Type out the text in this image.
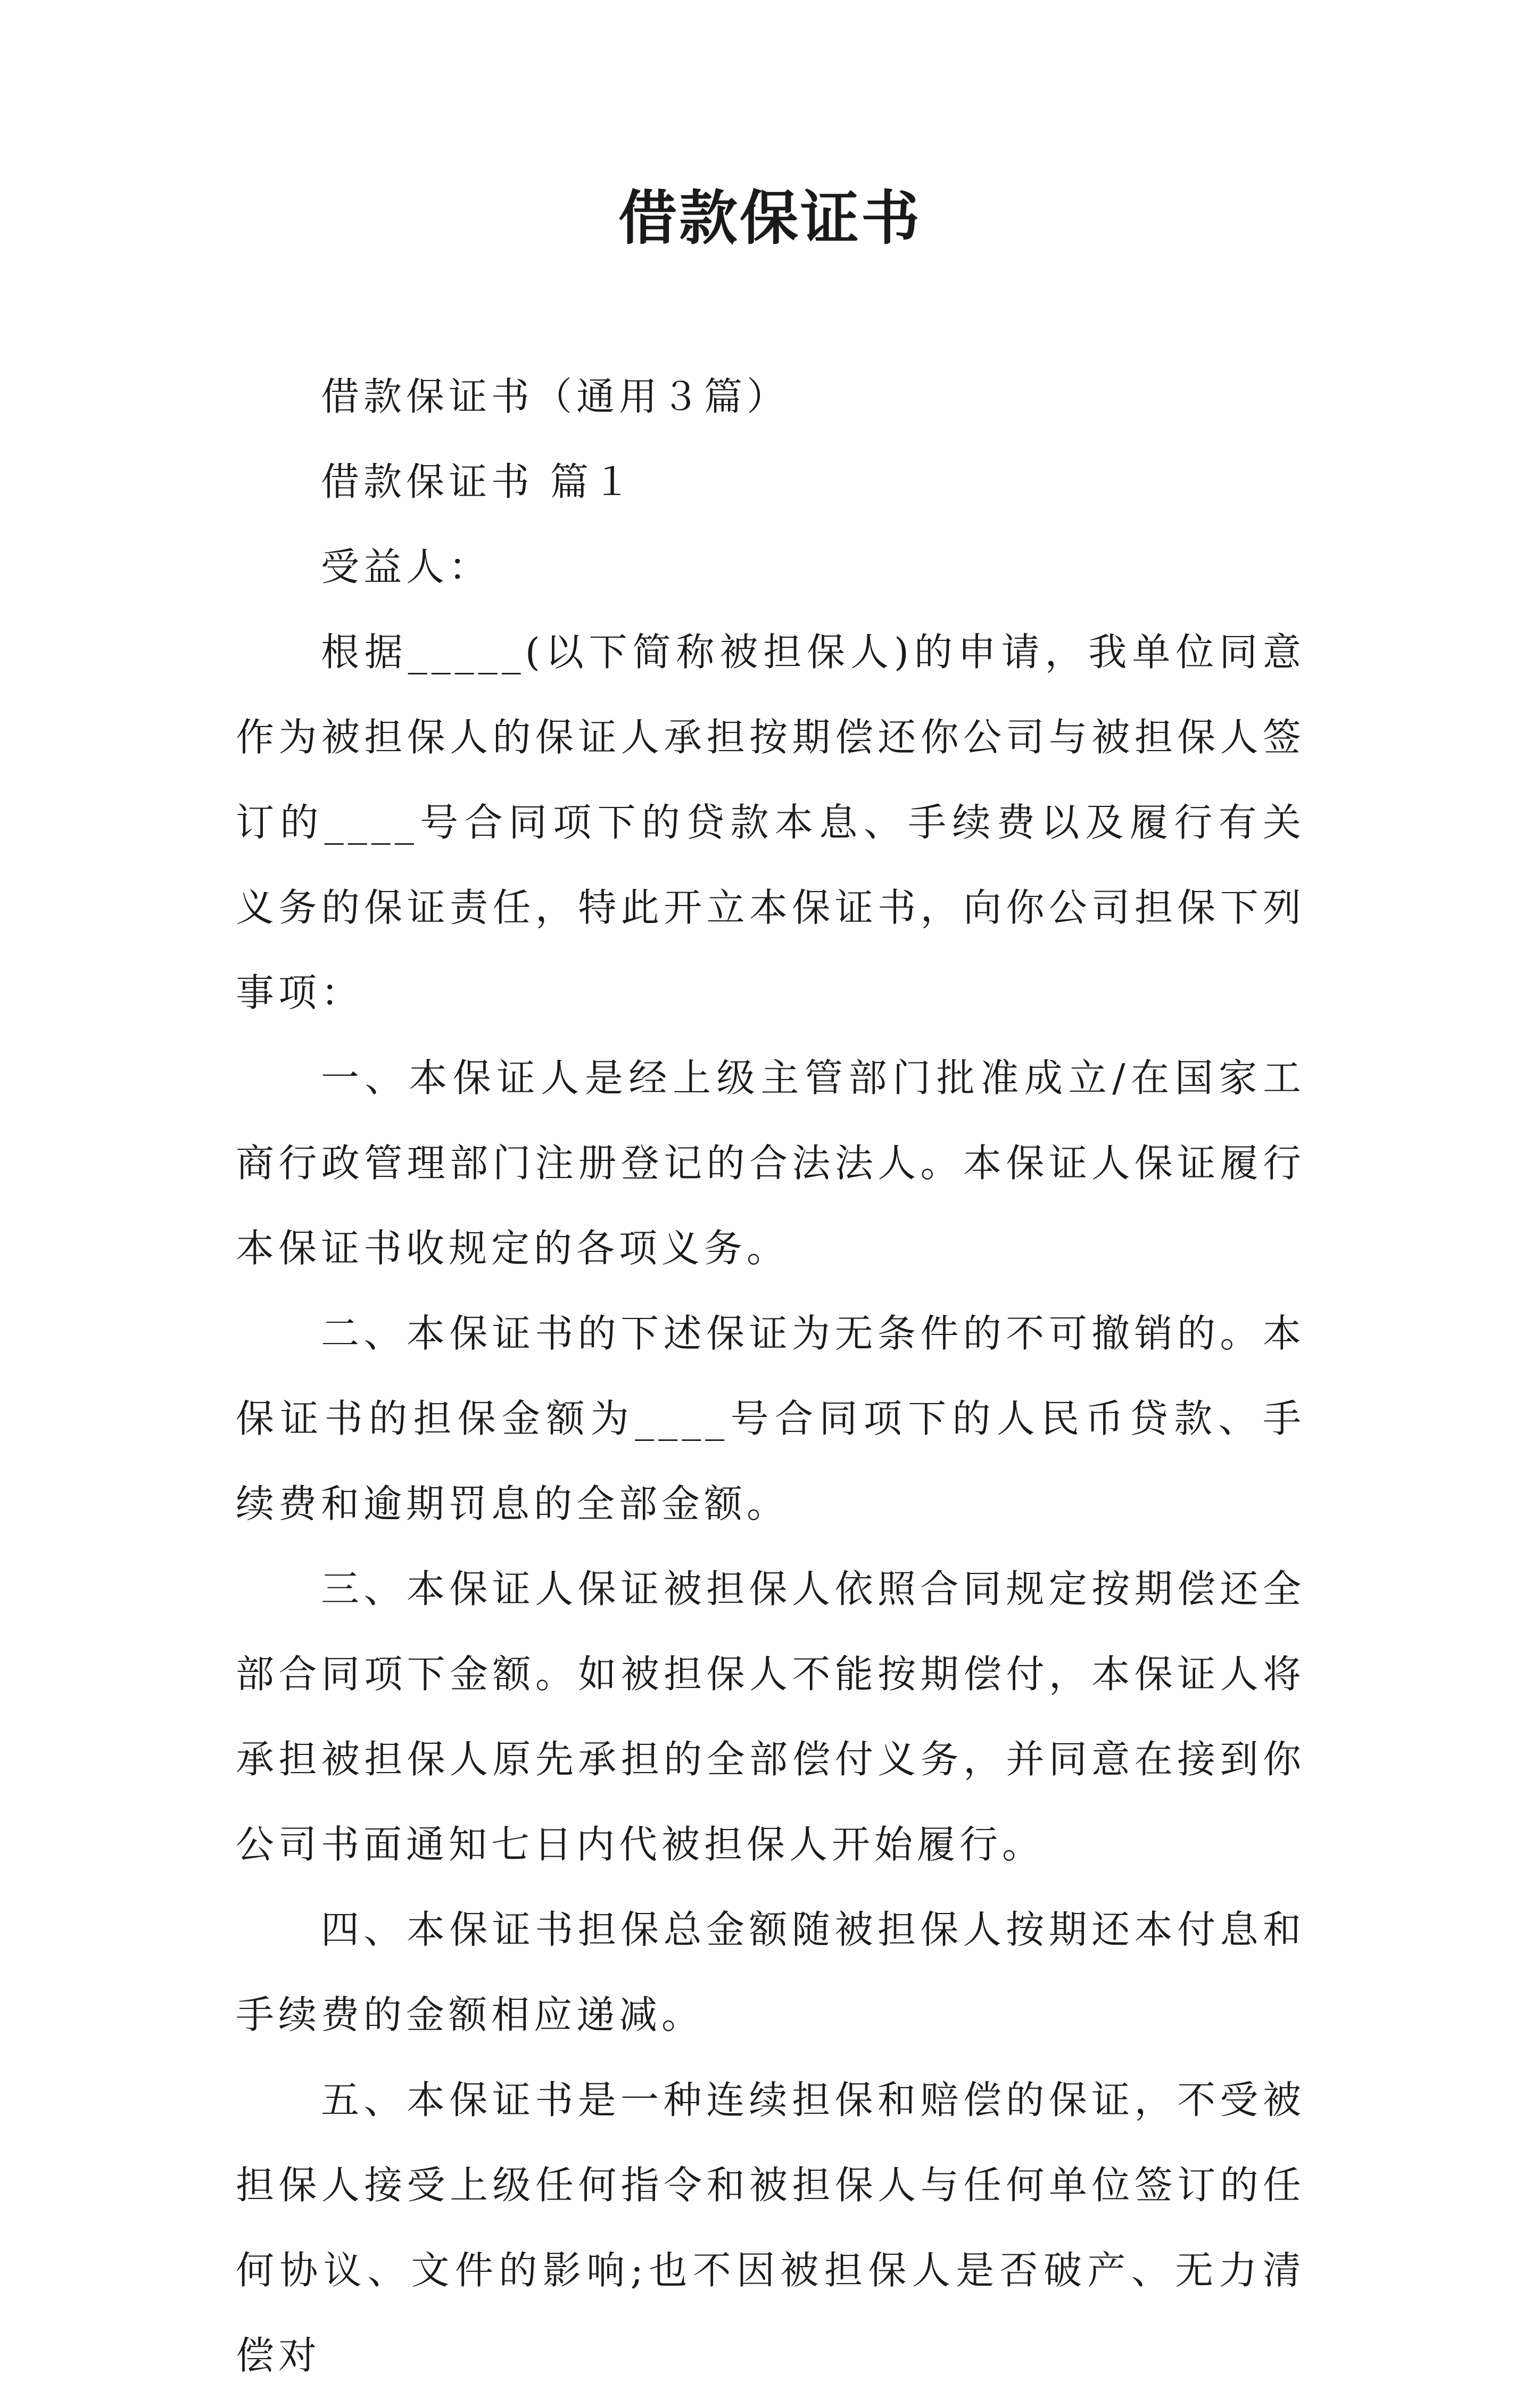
借款保证书

借款保证书（通用３篇）

借款保证书 篇１

受益人：

根据_____(以下简称被担保人)的申请，我单位同意作为被担保人的保证人承担按期偿还你公司与被担保人签订的____号合同项下的贷款本息、手续费以及履行有关义务的保证责任，特此开立本保证书，向你公司担保下列事项：

一、本保证人是经上级主管部门批准成立/在国家工商行政管理部门注册登记的合法法人。本保证人保证履行本保证书收规定的各项义务。

二、本保证书的下述保证为无条件的不可撤销的。本保证书的担保金额为____号合同项下的人民币贷款、手续费和逾期罚息的全部金额。

三、本保证人保证被担保人依照合同规定按期偿还全部合同项下金额。如被担保人不能按期偿付，本保证人将承担被担保人原先承担的全部偿付义务，并同意在接到你公司书面通知七日内代被担保人开始履行。

四、本保证书担保总金额随被担保人按期还本付息和手续费的金额相应递减。

五、本保证书是一种连续担保和赔偿的保证，不受被担保人接受上级任何指令和被担保人与任何单位签订的任何协议、文件的影响;也不因被担保人是否破产、无力清偿对
